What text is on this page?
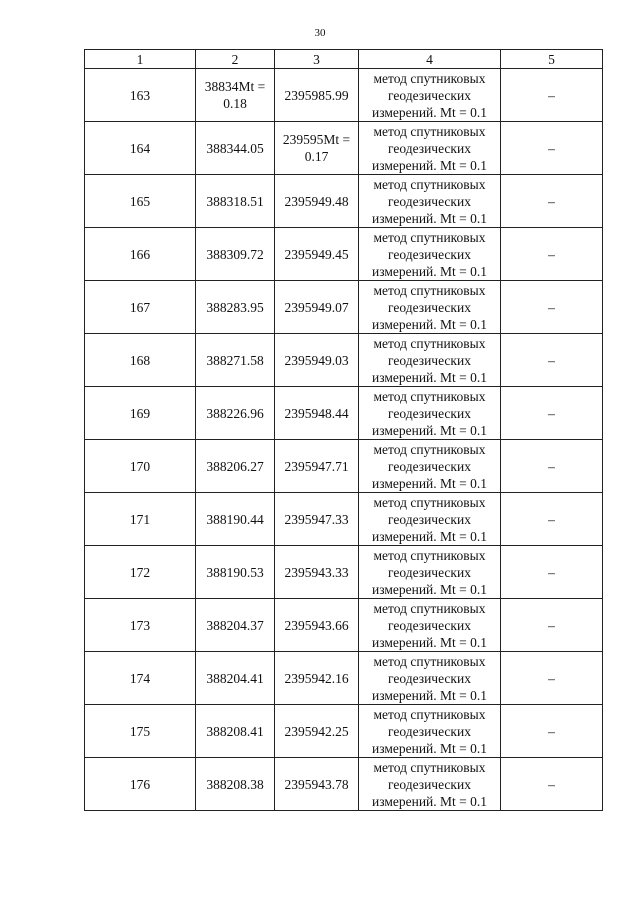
30
1	2	3	4	5

163	38834Mt = 0.18	2395985.99	метод спутниковых геодезических измерений. Mt = 0.1	–

164	388344.05	239595Mt = 0.17	метод спутниковых геодезических измерений. Mt = 0.1	–

165	388318.51	2395949.48	метод спутниковых геодезических измерений. Mt = 0.1	–

166	388309.72	2395949.45	метод спутниковых геодезических измерений. Mt = 0.1	–

167	388283.95	2395949.07	метод спутниковых геодезических измерений. Mt = 0.1	–

168	388271.58	2395949.03	метод спутниковых геодезических измерений. Mt = 0.1	–

169	388226.96	2395948.44	метод спутниковых геодезических измерений. Mt = 0.1	–

170	388206.27	2395947.71	метод спутниковых геодезических измерений. Mt = 0.1	–

171	388190.44	2395947.33	метод спутниковых геодезических измерений. Mt = 0.1	–

172	388190.53	2395943.33	метод спутниковых геодезических измерений. Mt = 0.1	–

173	388204.37	2395943.66	метод спутниковых геодезических измерений. Mt = 0.1	–

174	388204.41	2395942.16	метод спутниковых геодезических измерений. Mt = 0.1	–

175	388208.41	2395942.25	метод спутниковых геодезических измерений. Mt = 0.1	–

176	388208.38	2395943.78	метод спутниковых геодезических измерений. Mt = 0.1	–
